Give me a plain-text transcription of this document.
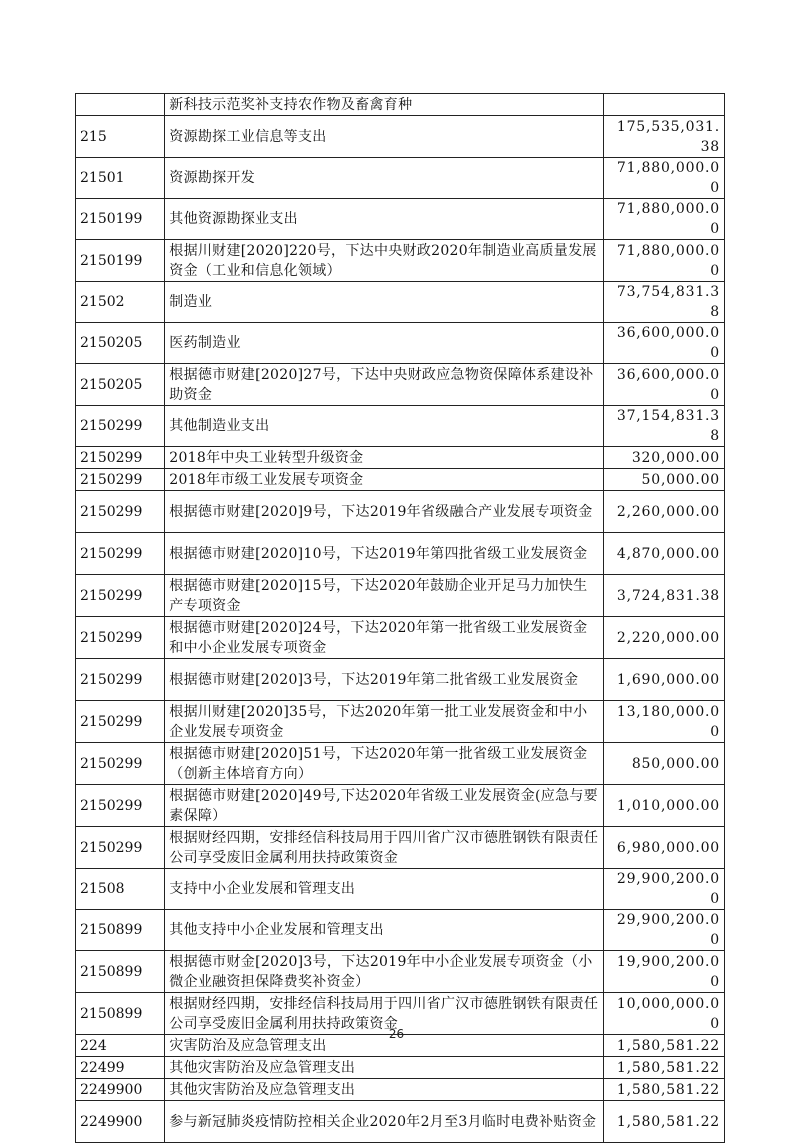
	新科技示范奖补支持农作物及畜禽育种	
215	资源勘探工业信息等支出	175,535,031.38
21501	资源勘探开发	71,880,000.00
2150199	其他资源勘探业支出	71,880,000.00
2150199	根据川财建[2020]220号，下达中央财政2020年制造业高质量发展资金（工业和信息化领域）	71,880,000.00
21502	制造业	73,754,831.38
2150205	医药制造业	36,600,000.00
2150205	根据德市财建[2020]27号，下达中央财政应急物资保障体系建设补助资金	36,600,000.00
2150299	其他制造业支出	37,154,831.38
2150299	2018年中央工业转型升级资金	320,000.00
2150299	2018年市级工业发展专项资金	50,000.00
2150299	根据德市财建[2020]9号，下达2019年省级融合产业发展专项资金	2,260,000.00
2150299	根据德市财建[2020]10号，下达2019年第四批省级工业发展资金	4,870,000.00
2150299	根据德市财建[2020]15号，下达2020年鼓励企业开足马力加快生产专项资金	3,724,831.38
2150299	根据德市财建[2020]24号，下达2020年第一批省级工业发展资金和中小企业发展专项资金	2,220,000.00
2150299	根据德市财建[2020]3号，下达2019年第二批省级工业发展资金	1,690,000.00
2150299	根据川财建[2020]35号，下达2020年第一批工业发展资金和中小企业发展专项资金	13,180,000.00
2150299	根据德市财建[2020]51号，下达2020年第一批省级工业发展资金（创新主体培育方向）	850,000.00
2150299	根据德市财建[2020]49号,下达2020年省级工业发展资金(应急与要素保障）	1,010,000.00
2150299	根据财经四期，安排经信科技局用于四川省广汉市德胜钢铁有限责任公司享受废旧金属利用扶持政策资金	6,980,000.00
21508	支持中小企业发展和管理支出	29,900,200.00
2150899	其他支持中小企业发展和管理支出	29,900,200.00
2150899	根据德市财金[2020]3号，下达2019年中小企业发展专项资金（小微企业融资担保降费奖补资金）	19,900,200.00
2150899	根据财经四期，安排经信科技局用于四川省广汉市德胜钢铁有限责任公司享受废旧金属利用扶持政策资金	10,000,000.00
224	灾害防治及应急管理支出	1,580,581.22
22499	其他灾害防治及应急管理支出	1,580,581.22
2249900	其他灾害防治及应急管理支出	1,580,581.22
2249900	参与新冠肺炎疫情防控相关企业2020年2月至3月临时电费补贴资金	1,580,581.22
26
